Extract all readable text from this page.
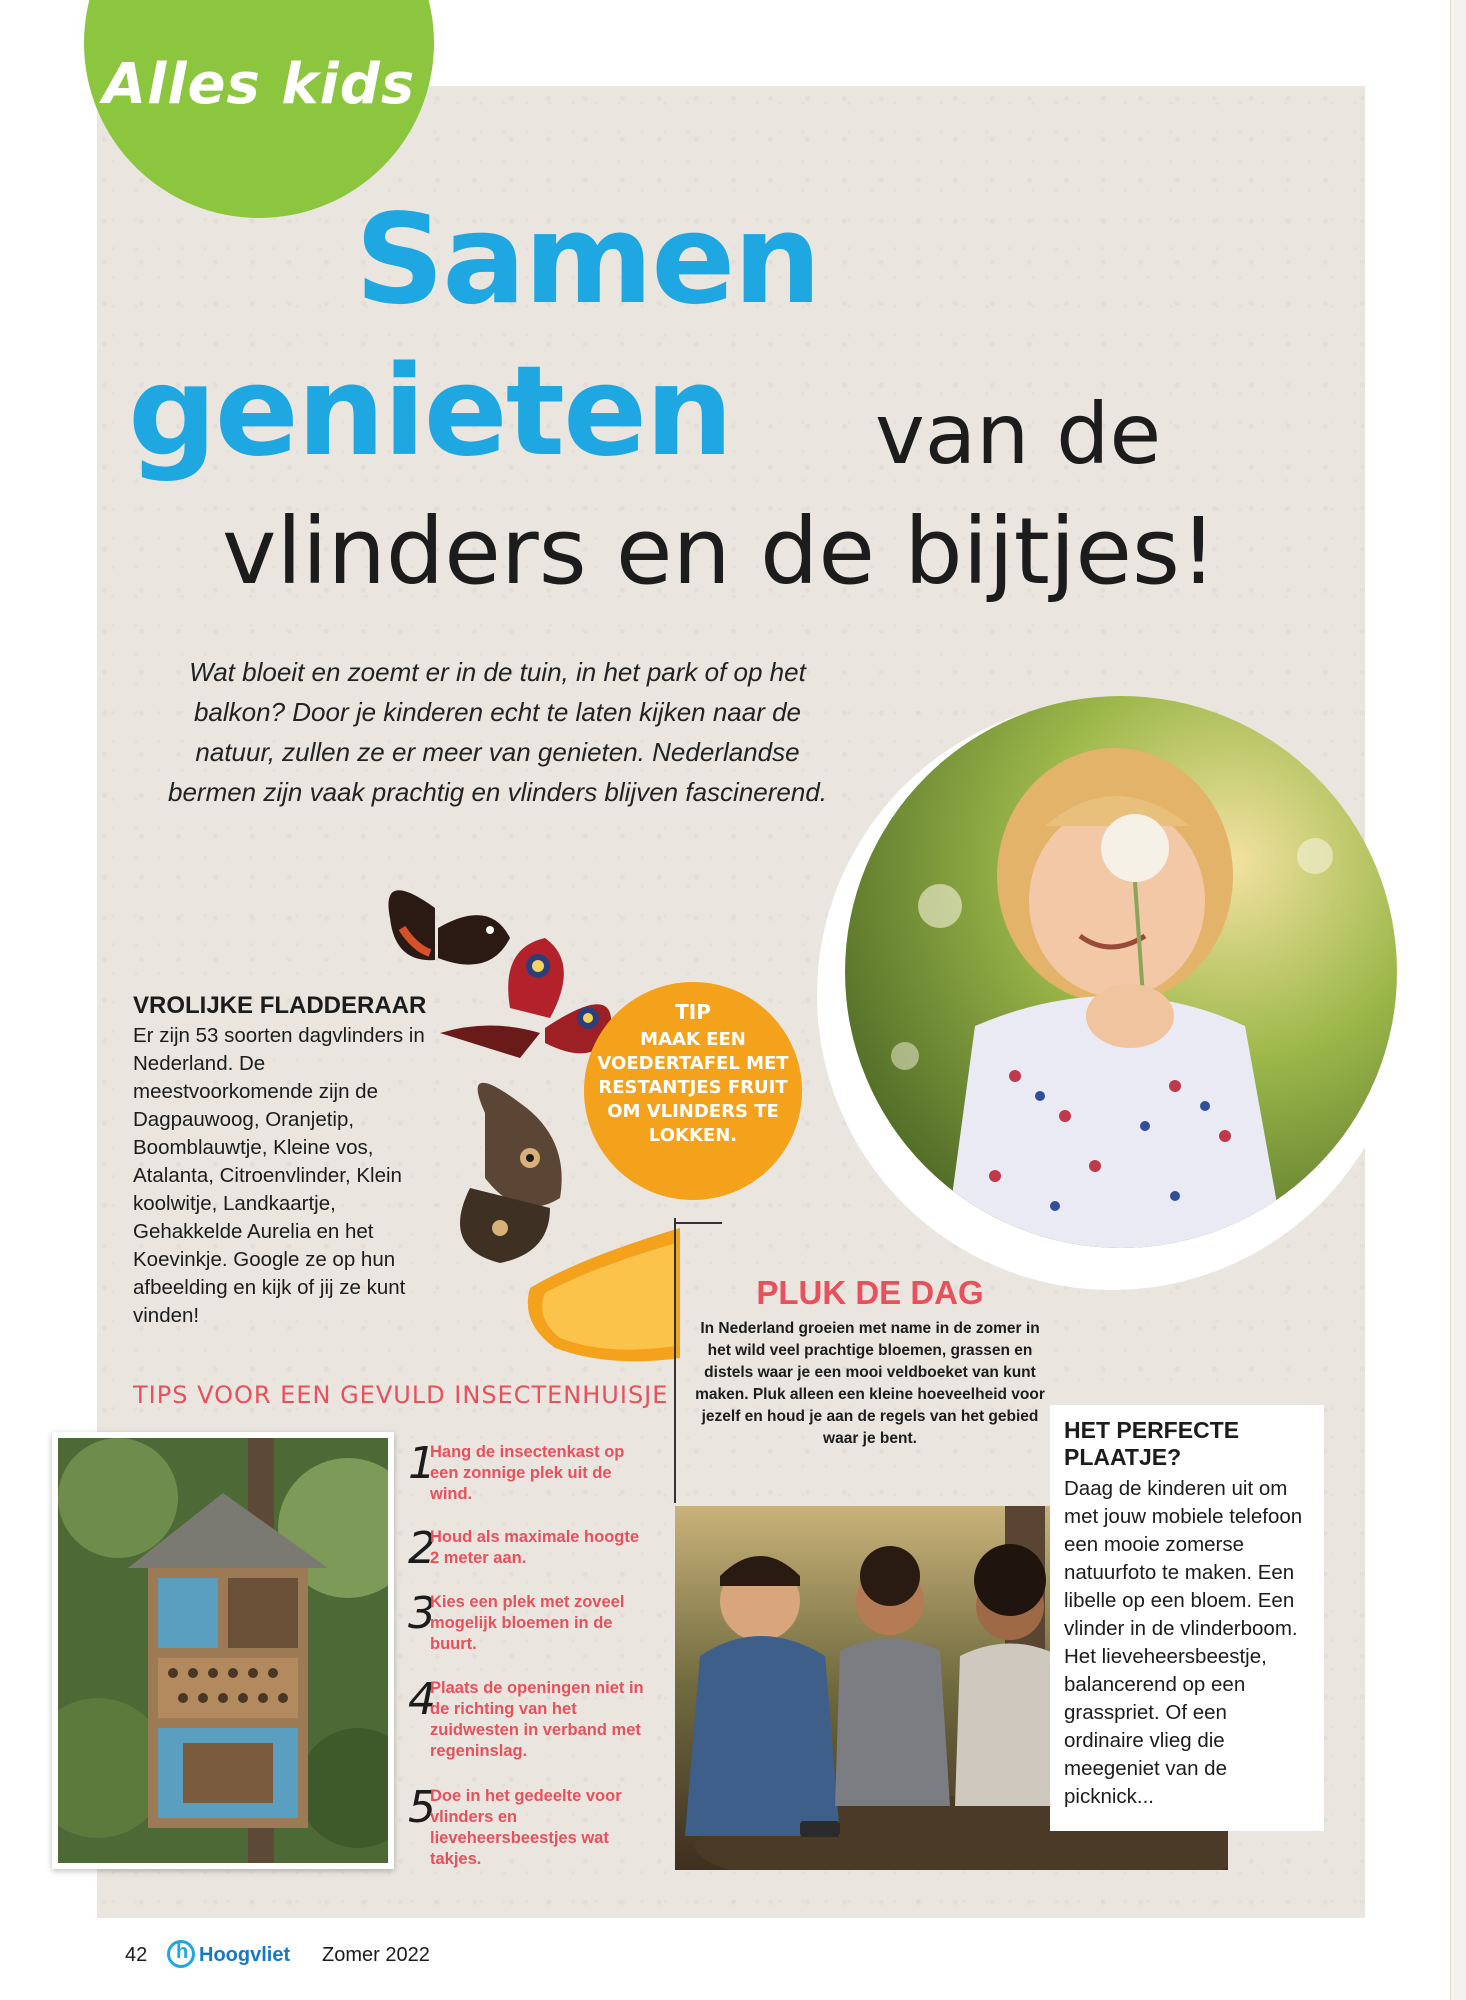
Alles kids
Samen
genieten van de
vlinders en de bijtjes!
Wat bloeit en zoemt er in de tuin, in het park of op het balkon? Door je kinderen echt te laten kijken naar de natuur, zullen ze er meer van genieten. Nederlandse bermen zijn vaak prachtig en vlinders blijven fascinerend.
VROLIJKE FLADDERAAR
Er zijn 53 soorten dagvlinders in Nederland. De meestvoorkomende zijn de Dagpauwoog, Oranjetip, Boomblauwtje, Kleine vos, Atalanta, Citroenvlinder, Klein koolwitje, Landkaartje, Gehakkelde Aurelia en het Koevinkje. Google ze op hun afbeelding en kijk of jij ze kunt vinden!
TIP
MAAK EEN VOEDERTAFEL MET RESTANTJES FRUIT OM VLINDERS TE LOKKEN.
PLUK DE DAG
In Nederland groeien met name in de zomer in het wild veel prachtige bloemen, grassen en distels waar je een mooi veldboeket van kunt maken. Pluk alleen een kleine hoeveelheid voor jezelf en houd je aan de regels van het gebied waar je bent.
TIPS VOOR EEN GEVULD INSECTENHUISJE
1
Hang de insectenkast op een zonnige plek uit de wind.
2
Houd als maximale hoogte 2 meter aan.
3
Kies een plek met zoveel mogelijk bloemen in de buurt.
4
Plaats de openingen niet in de richting van het zuidwesten in verband met regeninslag.
5
Doe in het gedeelte voor vlinders en lieveheersbeestjes wat takjes.
HET PERFECTE PLAATJE?
Daag de kinderen uit om met jouw mobiele telefoon een mooie zomerse natuurfoto te maken. Een libelle op een bloem. Een vlinder in de vlinderboom. Het lieveheersbeestje, balancerend op een grasspriet. Of een ordinaire vlieg die meegeniet van de picknick...
42 h Hoogvliet Zomer 2022
